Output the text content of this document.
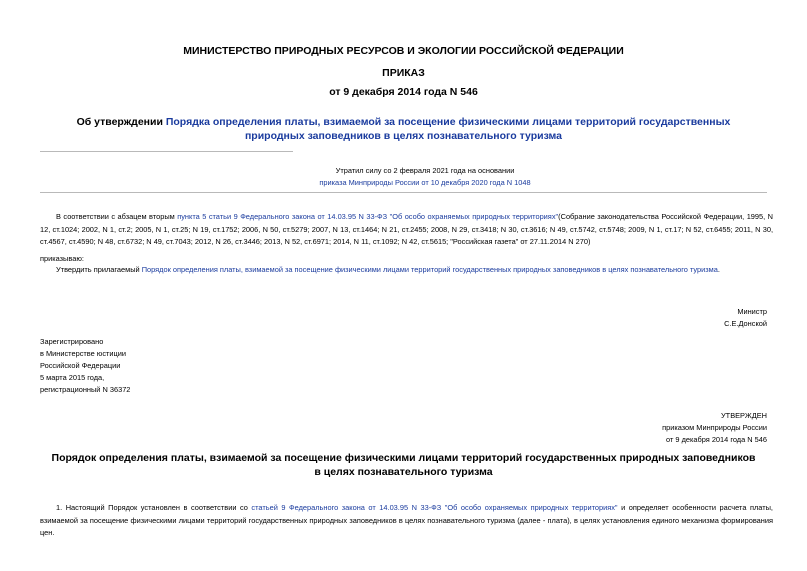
МИНИСТЕРСТВО ПРИРОДНЫХ РЕСУРСОВ И ЭКОЛОГИИ РОССИЙСКОЙ ФЕДЕРАЦИИ
ПРИКАЗ
от 9 декабря 2014 года N 546
Об утверждении Порядка определения платы, взимаемой за посещение физическими лицами территорий государственных природных заповедников в целях познавательного туризма
Утратил силу со 2 февраля 2021 года на основании
приказа Минприроды России от 10 декабря 2020 года N 1048
В соответствии с абзацем вторым пункта 5 статьи 9 Федерального закона от 14.03.95 N 33-ФЗ "Об особо охраняемых природных территориях"(Собрание законодательства Российской Федерации, 1995, N 12, ст.1024; 2002, N 1, ст.2; 2005, N 1, ст.25; N 19, ст.1752; 2006, N 50, ст.5279; 2007, N 13, ст.1464; N 21, ст.2455; 2008, N 29, ст.3418; N 30, ст.3616; N 49, ст.5742, ст.5748; 2009, N 1, ст.17; N 52, ст.6455; 2011, N 30, ст.4567, ст.4590; N 48, ст.6732; N 49, ст.7043; 2012, N 26, ст.3446; 2013, N 52, ст.6971; 2014, N 11, ст.1092; N 42, ст.5615; "Российская газета" от 27.11.2014 N 270)
приказываю:
Утвердить прилагаемый Порядок определения платы, взимаемой за посещение физическими лицами территорий государственных природных заповедников в целях познавательного туризма.
Министр
С.Е.Донской
Зарегистрировано
в Министерстве юстиции
Российской Федерации
5 марта 2015 года,
регистрационный N 36372
УТВЕРЖДЕН
приказом Минприроды России
от 9 декабря 2014 года N 546
Порядок определения платы, взимаемой за посещение физическими лицами территорий государственных природных заповедников в целях познавательного туризма
1. Настоящий Порядок установлен в соответствии со статьей 9 Федерального закона от 14.03.95 N 33-ФЗ "Об особо охраняемых природных территориях" и определяет особенности расчета платы, взимаемой за посещение физическими лицами территорий государственных природных заповедников в целях познавательного туризма (далее - плата), в целях установления единого механизма формирования цен.
